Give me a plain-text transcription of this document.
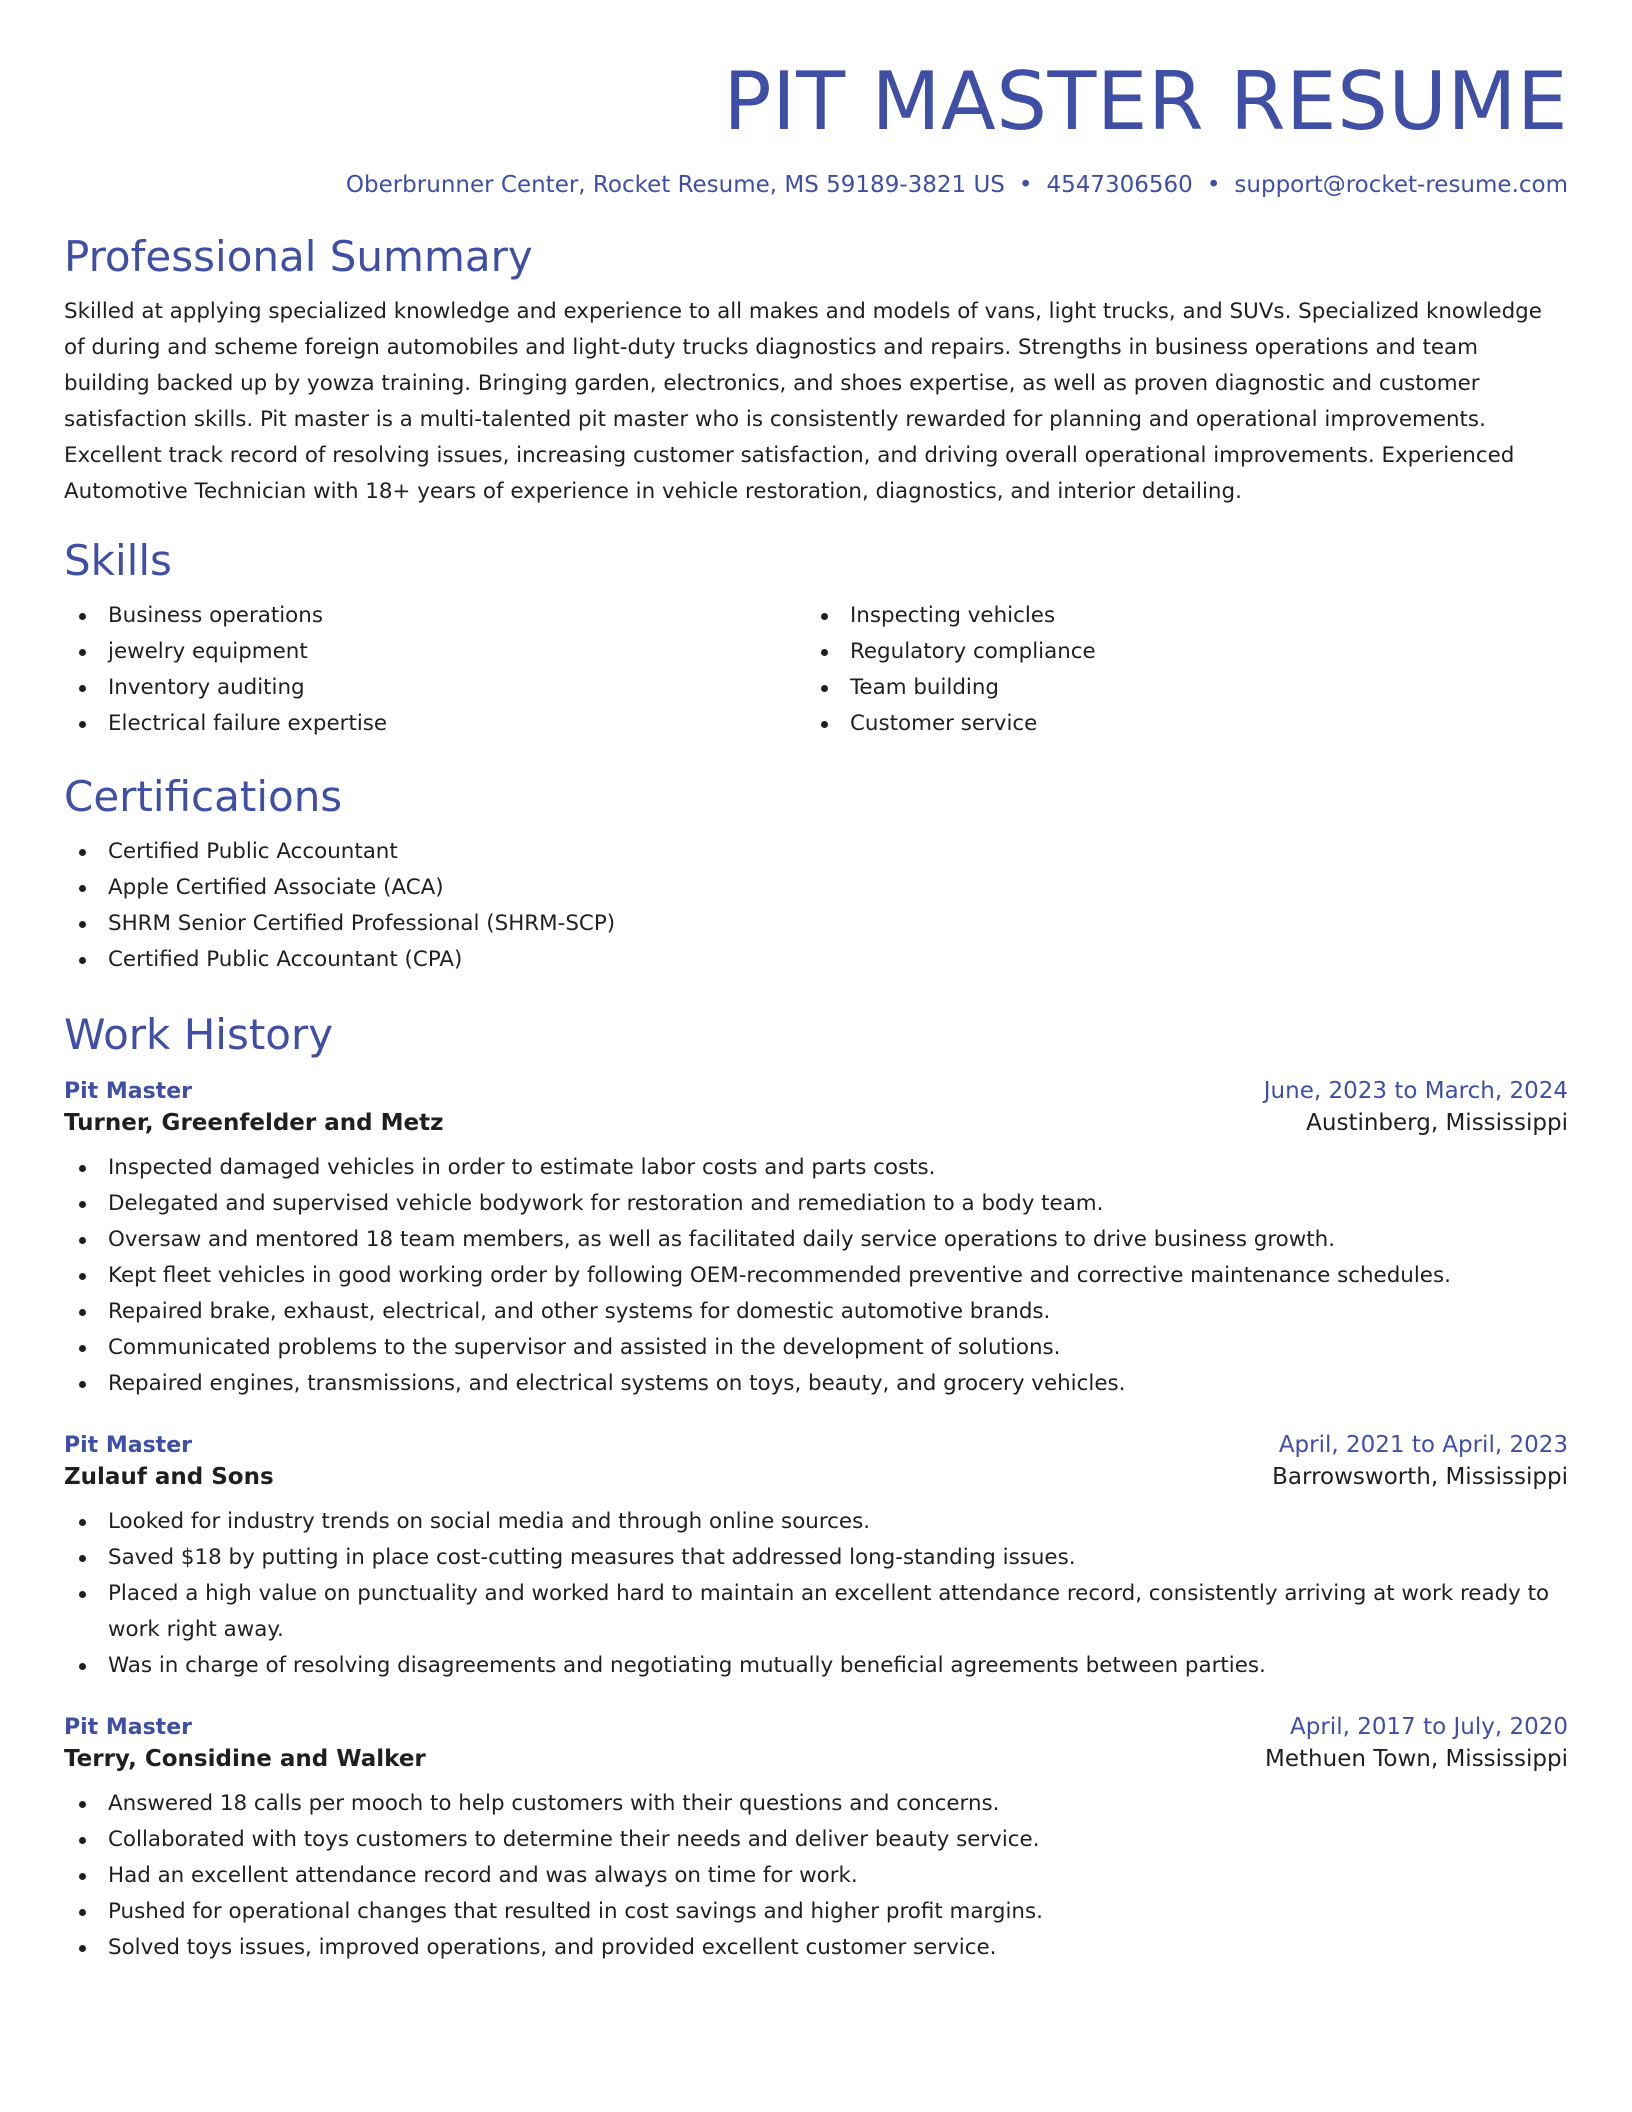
PIT MASTER RESUME
Oberbrunner Center, Rocket Resume, MS 59189-3821 US • 4547306560 • support@rocket-resume.com
Professional Summary

Skilled at applying specialized knowledge and experience to all makes and models of vans, light trucks, and SUVs. Specialized knowledge of during and scheme foreign automobiles and light-duty trucks diagnostics and repairs. Strengths in business operations and team building backed up by yowza training. Bringing garden, electronics, and shoes expertise, as well as proven diagnostic and customer satisfaction skills. Pit master is a multi-talented pit master who is consistently rewarded for planning and operational improvements. Excellent track record of resolving issues, increasing customer satisfaction, and driving overall operational improvements. Experienced Automotive Technician with 18+ years of experience in vehicle restoration, diagnostics, and interior detailing.

Skills
Business operations
jewelry equipment
Inventory auditing
Electrical failure expertise
Inspecting vehicles
Regulatory compliance
Team building
Customer service
Certifications
Certified Public Accountant
Apple Certified Associate (ACA)
SHRM Senior Certified Professional (SHRM-SCP)
Certified Public Accountant (CPA)
Work History
Pit Master	June, 2023 to March, 2024
Turner, Greenfelder and Metz	Austinberg, Mississippi
Inspected damaged vehicles in order to estimate labor costs and parts costs.
Delegated and supervised vehicle bodywork for restoration and remediation to a body team.
Oversaw and mentored 18 team members, as well as facilitated daily service operations to drive business growth.
Kept fleet vehicles in good working order by following OEM-recommended preventive and corrective maintenance schedules.
Repaired brake, exhaust, electrical, and other systems for domestic automotive brands.
Communicated problems to the supervisor and assisted in the development of solutions.
Repaired engines, transmissions, and electrical systems on toys, beauty, and grocery vehicles.
Pit Master	April, 2021 to April, 2023
Zulauf and Sons	Barrowsworth, Mississippi
Looked for industry trends on social media and through online sources.
Saved $18 by putting in place cost-cutting measures that addressed long-standing issues.
Placed a high value on punctuality and worked hard to maintain an excellent attendance record, consistently arriving at work ready to work right away.
Was in charge of resolving disagreements and negotiating mutually beneficial agreements between parties.
Pit Master	April, 2017 to July, 2020
Terry, Considine and Walker	Methuen Town, Mississippi
Answered 18 calls per mooch to help customers with their questions and concerns.
Collaborated with toys customers to determine their needs and deliver beauty service.
Had an excellent attendance record and was always on time for work.
Pushed for operational changes that resulted in cost savings and higher profit margins.
Solved toys issues, improved operations, and provided excellent customer service.
